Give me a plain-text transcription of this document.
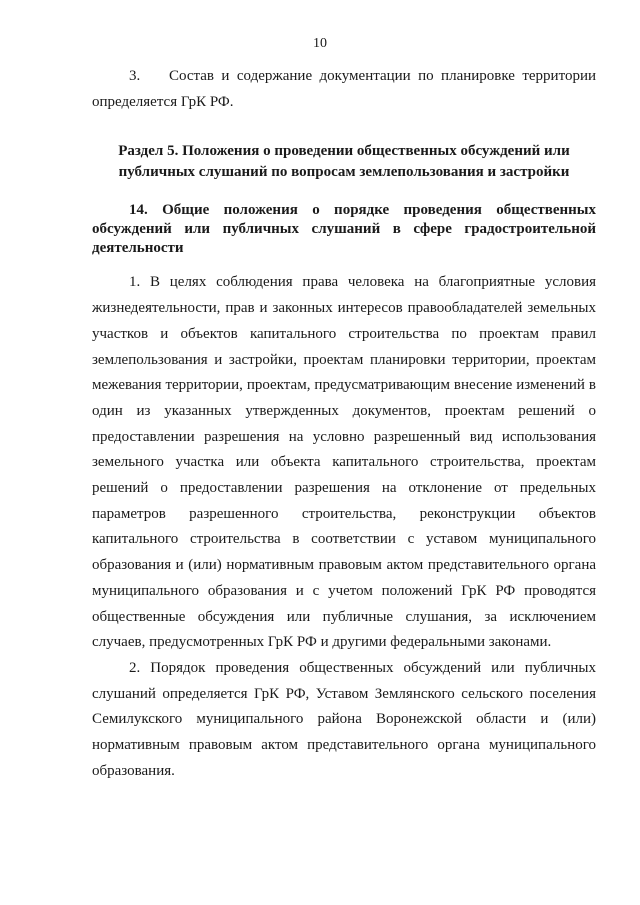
10

3. Состав и содержание документации по планировке территории определяется ГрК РФ.

Раздел 5. Положения о проведении общественных обсуждений или публичных слушаний по вопросам землепользования и застройки
14. Общие положения о порядке проведения общественных обсуждений или публичных слушаний в сфере градостроительной деятельности

1. В целях соблюдения права человека на благоприятные условия жизнедеятельности, прав и законных интересов правообладателей земельных участков и объектов капитального строительства по проектам правил землепользования и застройки, проектам планировки территории, проектам межевания территории, проектам, предусматривающим внесение изменений в один из указанных утвержденных документов, проектам решений о предоставлении разрешения на условно разрешенный вид использования земельного участка или объекта капитального строительства, проектам решений о предоставлении разрешения на отклонение от предельных параметров разрешенного строительства, реконструкции объектов капитального строительства в соответствии с уставом муниципального образования и (или) нормативным правовым актом представительного органа муниципального образования и с учетом положений ГрК РФ проводятся общественные обсуждения или публичные слушания, за исключением случаев, предусмотренных ГрК РФ и другими федеральными законами.

2. Порядок проведения общественных обсуждений или публичных слушаний определяется ГрК РФ, Уставом Землянского сельского поселения Семилукского муниципального района Воронежской области и (или) нормативным правовым актом представительного органа муниципального образования.
